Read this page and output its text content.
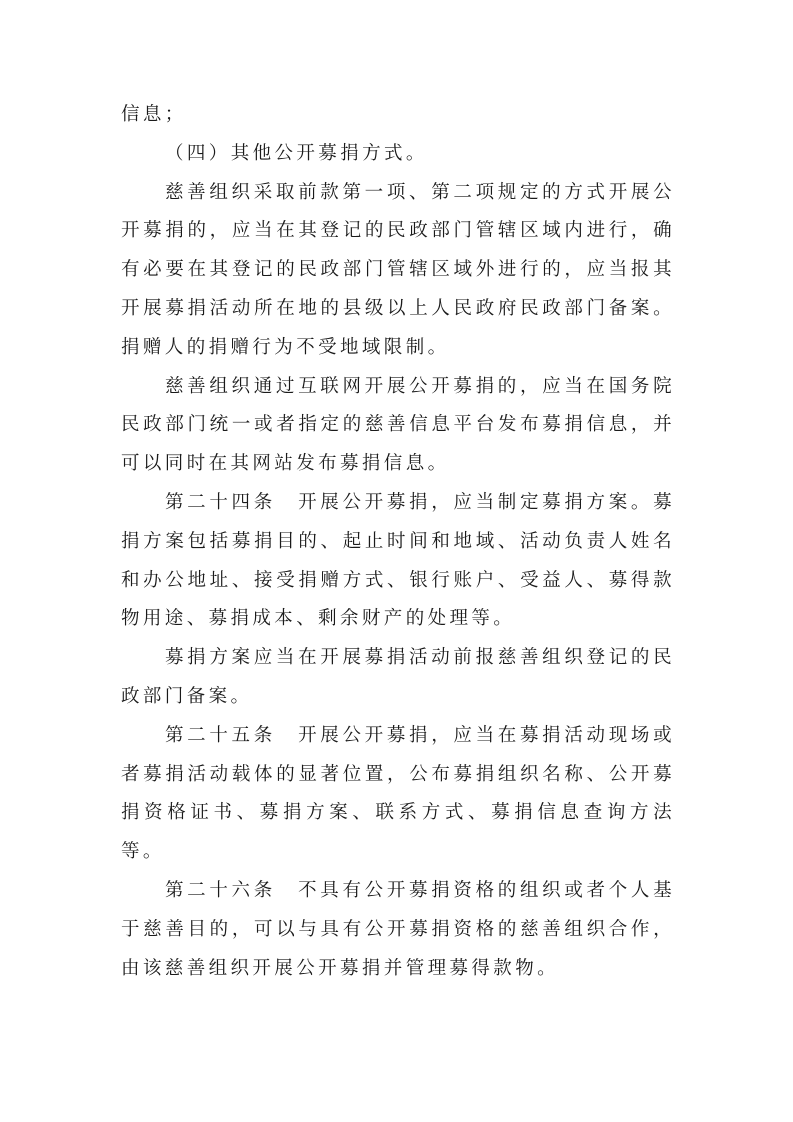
信息；

（四）其他公开募捐方式。

慈善组织采取前款第一项、第二项规定的方式开展公开募捐的，应当在其登记的民政部门管辖区域内进行，确有必要在其登记的民政部门管辖区域外进行的，应当报其开展募捐活动所在地的县级以上人民政府民政部门备案。捐赠人的捐赠行为不受地域限制。

慈善组织通过互联网开展公开募捐的，应当在国务院民政部门统一或者指定的慈善信息平台发布募捐信息，并可以同时在其网站发布募捐信息。

第二十四条　开展公开募捐，应当制定募捐方案。募捐方案包括募捐目的、起止时间和地域、活动负责人姓名和办公地址、接受捐赠方式、银行账户、受益人、募得款物用途、募捐成本、剩余财产的处理等。

募捐方案应当在开展募捐活动前报慈善组织登记的民政部门备案。

第二十五条　开展公开募捐，应当在募捐活动现场或者募捐活动载体的显著位置，公布募捐组织名称、公开募捐资格证书、募捐方案、联系方式、募捐信息查询方法等。

第二十六条　不具有公开募捐资格的组织或者个人基于慈善目的，可以与具有公开募捐资格的慈善组织合作，由该慈善组织开展公开募捐并管理募得款物。
